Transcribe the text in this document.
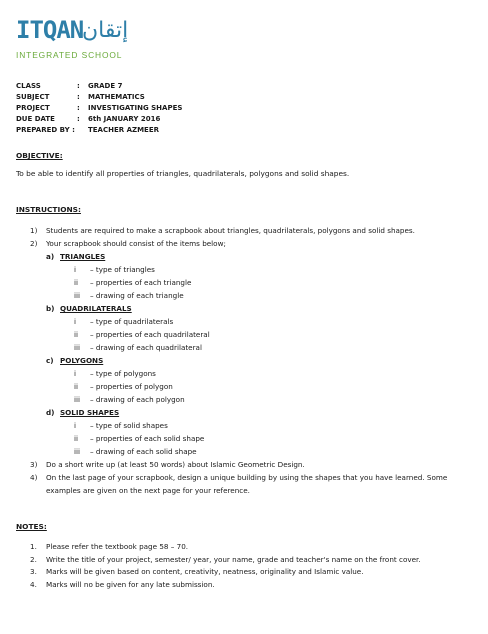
ITQAN
إتقان
INTEGRATED SCHOOL
CLASS	: GRADE 7
SUBJECT	: MATHEMATICS
PROJECT	: INVESTIGATING SHAPES
DUE DATE	: 6th JANUARY 2016
PREPARED BY : TEACHER AZMEER
OBJECTIVE:
To be able to identify all properties of triangles, quadrilaterals, polygons and solid shapes.
INSTRUCTIONS:
1) Students are required to make a scrapbook about triangles, quadrilaterals, polygons and solid shapes.
2) Your scrapbook should consist of the items below;
a) TRIANGLES
i – type of triangles
ii – properties of each triangle
iii – drawing of each triangle
b) QUADRILATERALS
i – type of quadrilaterals
ii – properties of each quadrilateral
iii – drawing of each quadrilateral
c) POLYGONS
i – type of polygons
ii – properties of polygon
iii – drawing of each polygon
d) SOLID SHAPES
i – type of solid shapes
ii – properties of each solid shape
iii – drawing of each solid shape
3) Do a short write up (at least 50 words) about Islamic Geometric Design.
4) On the last page of your scrapbook, design a unique building by using the shapes that you have learned. Some examples are given on the next page for your reference.
NOTES:
1. Please refer the textbook page 58 – 70.
2. Write the title of your project, semester/ year, your name, grade and teacher's name on the front cover.
3. Marks will be given based on content, creativity, neatness, originality and Islamic value.
4. Marks will no be given for any late submission.
